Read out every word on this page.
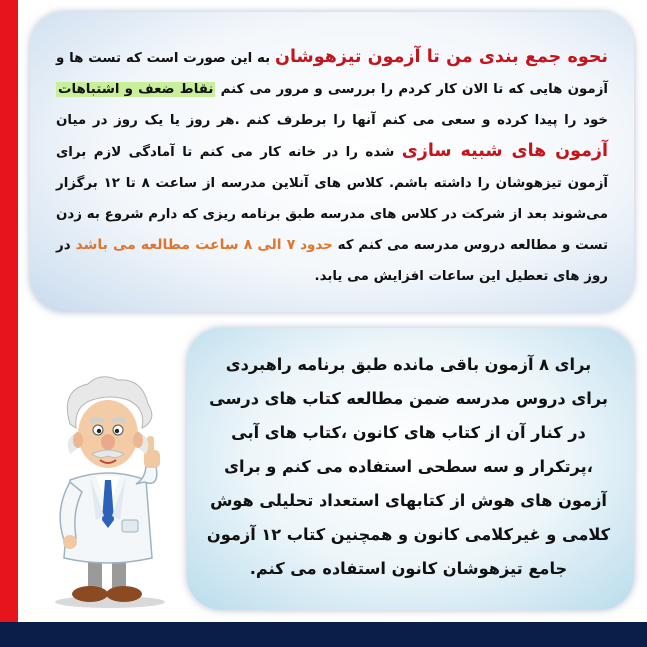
نحوه جمع بندی من تا آزمون تیزهوشان به این صورت است که تست ها و آزمون هایی که تا الان کار کردم را بررسی و مرور می کنم نقاط ضعف و اشتباهات خود را پیدا کرده و سعی می کنم آنها را برطرف کنم .هر روز یا یک روز در میان آزمون های شبیه سازی شده را در خانه کار می کنم تا آمادگی لازم برای آزمون تیزهوشان را داشته باشم. کلاس های آنلاین مدرسه از ساعت ۸ تا ۱۲ برگزار می‌شوند بعد از شرکت در کلاس های مدرسه طبق برنامه ریزی که دارم شروع به زدن تست و مطالعه دروس مدرسه می کنم که حدود ۷ الی ۸ ساعت مطالعه می باشد در روز های تعطیل این ساعات افزایش می یابد.
برای ۸ آزمون باقی مانده طبق برنامه راهبردی برای دروس مدرسه ضمن مطالعه کتاب های درسی در کنار آن از کتاب های کانون ،کتاب های آبی ،پرتکرار و سه سطحی استفاده می کنم و برای آزمون های هوش از کتابهای استعداد تحلیلی هوش کلامی و غیرکلامی کانون و همچنین کتاب ۱۲ آزمون جامع تیزهوشان کانون استفاده می کنم.
